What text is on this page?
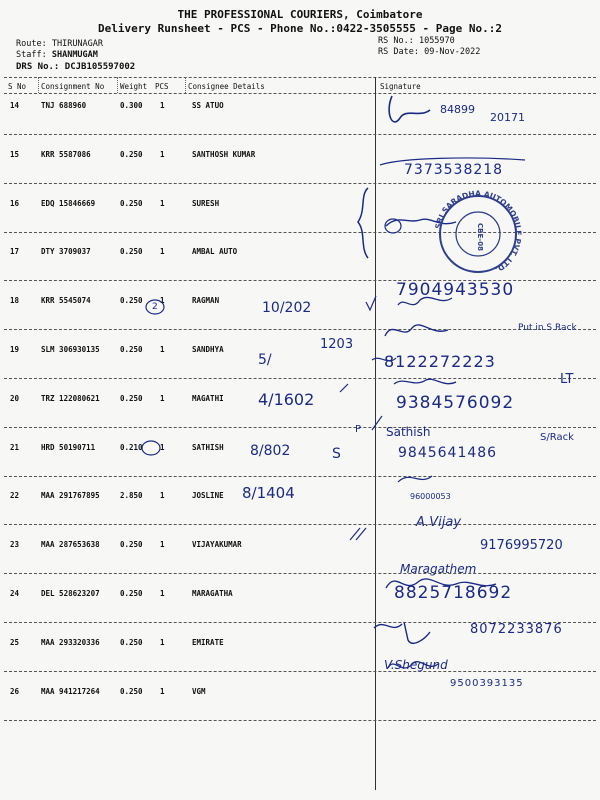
THE PROFESSIONAL COURIERS, Coimbatore
Delivery Runsheet - PCS - Phone No.:0422-3505555 - Page No.:2
Route: THIRUNAGAR
Staff: SHANMUGAM
DRS No.: DCJB105597002
RS No.: 1055970
RS Date: 09-Nov-2022
S No Consignment No Weight PCS	Consignee Details	Signature
14	TNJ 688960	0.300 1	SS ATUO
15	KRR 5587086	0.250 1	SANTHOSH KUMAR
16	EDQ 15846669	0.250 1	SURESH
17	DTY 3709037	0.250 1	AMBAL AUTO
18	KRR 5545074	0.250 1	RAGMAN
19	SLM 306930135	0.250 1	SANDHYA
20	TRZ 122080621	0.250 1	MAGATHI
21	HRD 50190711	0.210 1	SATHISH
22	MAA 291767895	2.850 1	JOSLINE
23	MAA 287653638	0.250 1	VIJAYAKUMAR
24	DEL 528623207	0.250 1	MARAGATHA
25	MAA 293320336	0.250 1	EMIRATE
26	MAA 941217264	0.250 1	VGM
SRI SARADHA AUTOMOBILE PVT. LTD.
CBE-08
84899
20171
7373538218
7904943530
10/202
1203
5/	8122272223
Put in S Rack
4/1602	9384576092
LT
8/802	S
P Sathish
9845641486
S/Rack
8/1404	96000053
A.Vijay
9176995720
Maragathem
8825718692
8072233876
V.Shegund
9500393135
2
